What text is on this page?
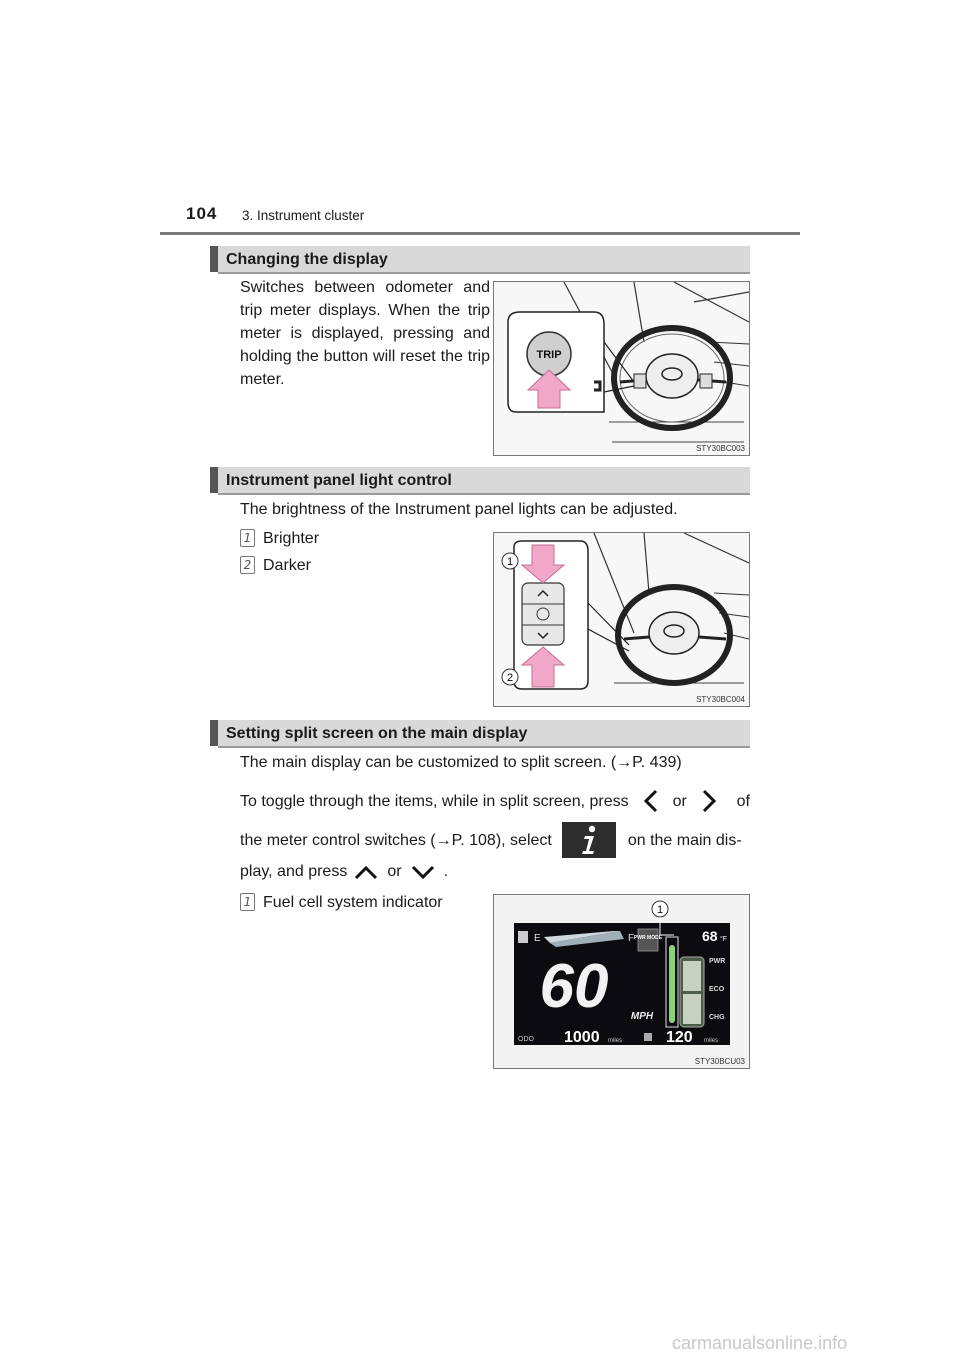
104 3. Instrument cluster
Changing the display
Switches between odometer and trip meter displays. When the trip meter is displayed, pressing and holding the button will reset the trip meter.
TRIP
STY30BC003
Instrument panel light control
The brightness of the Instrument panel lights can be adjusted.
1 Brighter
2 Darker	1
2
STY30BC004
Setting split screen on the main display
The main display can be customized to split screen. (→P. 439)
To toggle through the items, while in split screen, press	or	of
the meter control switches ( → P. 108 ), select	on the main dis-
play, and press	or	.
1 Fuel cell system indicator	1
E	F PWR MODE
60 MPH
68 °F
PWR
ECO
CHG
ODO 1000 miles	120 miles
STY30BCU03
carmanualsonline.info
